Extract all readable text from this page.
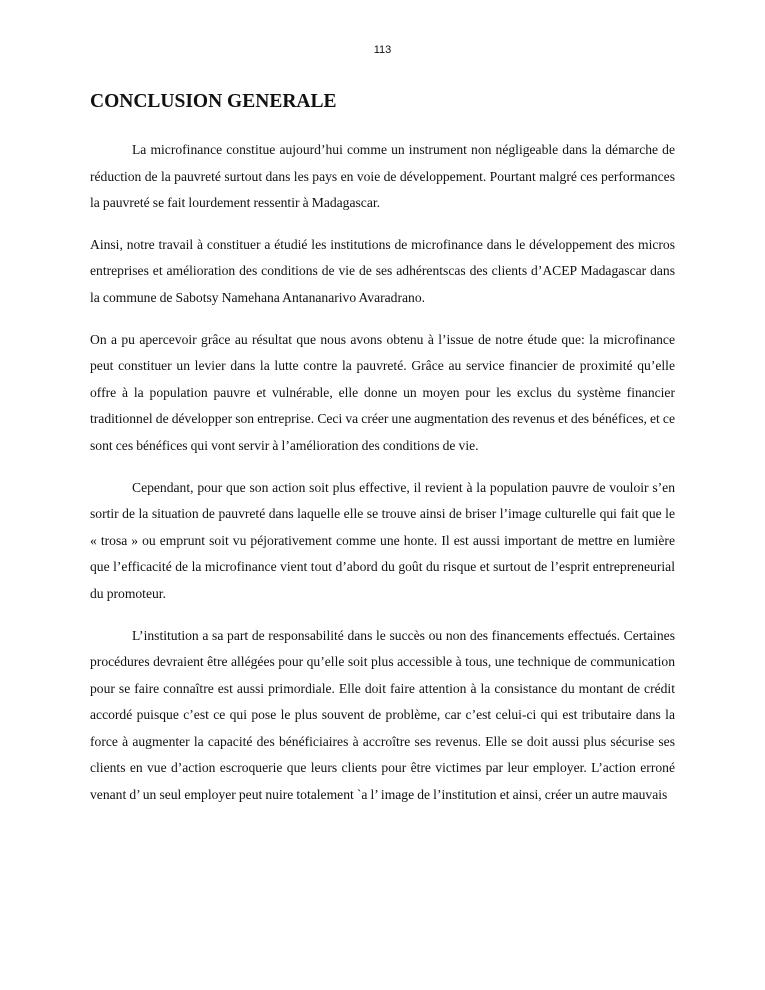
113
CONCLUSION GENERALE

La microfinance constitue aujourd’hui comme un instrument non négligeable dans la démarche de réduction de la pauvreté surtout dans les pays en voie de développement. Pourtant malgré ces performances la pauvreté se fait lourdement ressentir à Madagascar.

Ainsi, notre travail à constituer a étudié les institutions de microfinance dans le développement des micros entreprises et amélioration des conditions de vie de ses adhérentscas des clients d’ACEP Madagascar dans la commune de Sabotsy Namehana Antananarivo Avaradrano.

On a pu apercevoir grâce au résultat que nous avons obtenu à l’issue de notre étude que: la microfinance peut constituer un levier dans la lutte contre la pauvreté. Grâce au service financier de proximité qu’elle offre à la population pauvre et vulnérable, elle donne un moyen pour les exclus du système financier traditionnel de développer son entreprise. Ceci va créer une augmentation des revenus et des bénéfices, et ce sont ces bénéfices qui vont servir à l’amélioration des conditions de vie.

Cependant, pour que son action soit plus effective, il revient à la population pauvre de vouloir s’en sortir de la situation de pauvreté dans laquelle elle se trouve ainsi de briser l’image culturelle qui fait que le « trosa » ou emprunt soit vu péjorativement comme une honte. Il est aussi important de mettre en lumière que l’efficacité de la microfinance vient tout d’abord du goût du risque et surtout de l’esprit entrepreneurial du promoteur.

L’institution a sa part de responsabilité dans le succès ou non des financements effectués. Certaines procédures devraient être allégées pour qu’elle soit plus accessible à tous, une technique de communication pour se faire connaître est aussi primordiale. Elle doit faire attention à la consistance du montant de crédit accordé puisque c’est ce qui pose le plus souvent de problème, car c’est celui-ci qui est tributaire dans la force à augmenter la capacité des bénéficiaires à accroître ses revenus. Elle se doit aussi plus sécurise ses clients en vue d’action escroquerie que leurs clients pour être victimes par leur employer. L’action erroné venant d’ un seul employer peut nuire totalement `a l’ image de l’institution et ainsi, créer un autre mauvais
